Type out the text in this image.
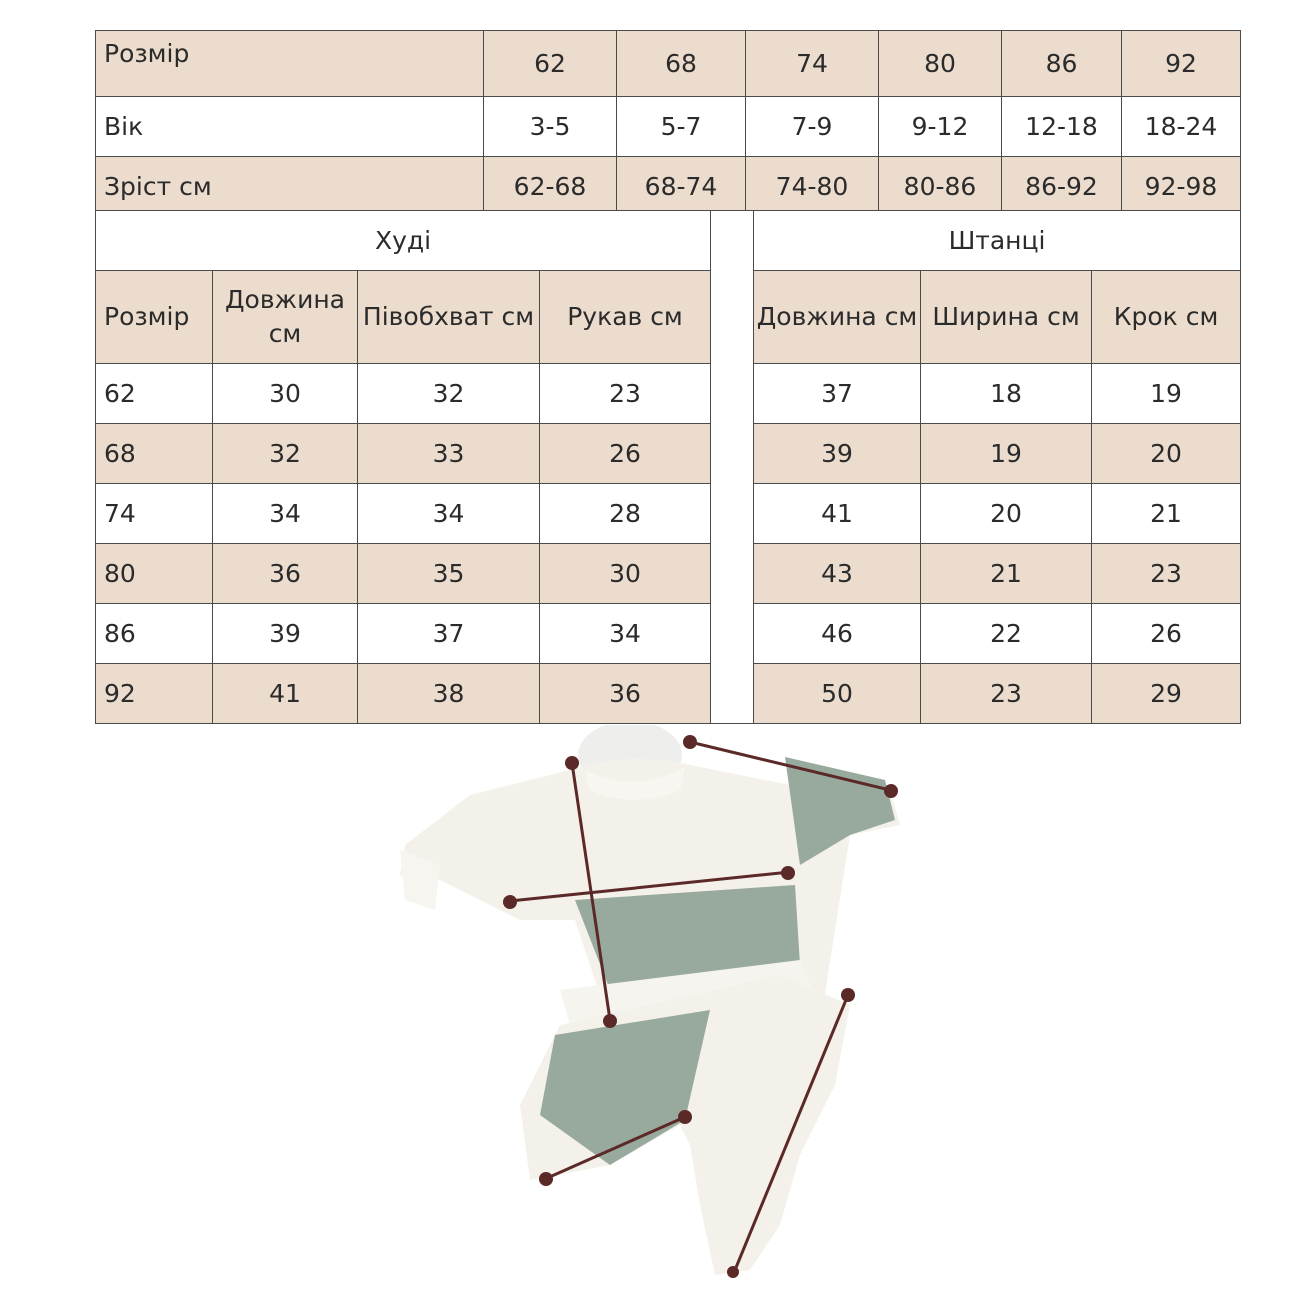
Розмір	62	68	74	80	86	92
Вік	3-5	5-7	7-9	9-12	12-18	18-24
Зріст см	62-68	68-74	74-80	80-86	86-92	92-98
Худі					Штанці		
Розмір	Довжина см	Півобхват см	Рукав см		Довжина см	Ширина см	Крок см
62	30	32	23		37	18	19
68	32	33	26		39	19	20
74	34	34	28		41	20	21
80	36	35	30		43	21	23
86	39	37	34		46	22	26
92	41	38	36		50	23	29
